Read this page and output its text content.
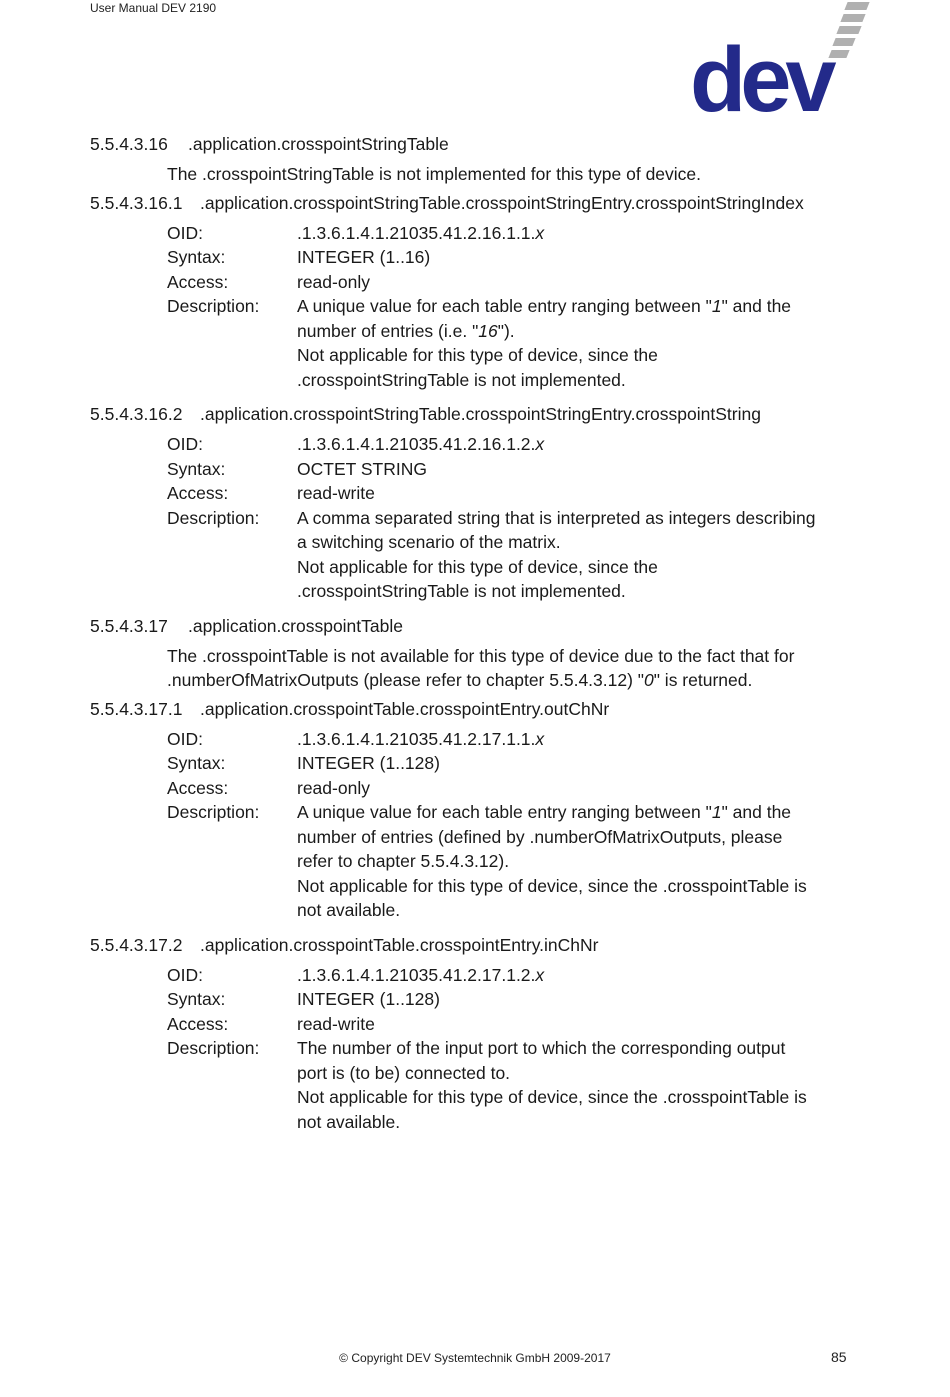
User Manual DEV 2190
dev
5.5.4.3.16	.application.crosspointStringTable
The .crosspointStringTable is not implemented for this type of device.
5.5.4.3.16.1	.application.crosspointStringTable.crosspointStringEntry.crosspointStringIndex
OID:	.1.3.6.1.4.1.21035.41.2.16.1.1.x
Syntax:	INTEGER (1..16)
Access:	read-only
Description:	A unique value for each table entry ranging between "1" and the
number of entries (i.e. "16").
Not applicable for this type of device, since the
.crosspointStringTable is not implemented.
5.5.4.3.16.2	.application.crosspointStringTable.crosspointStringEntry.crosspointString
OID:	.1.3.6.1.4.1.21035.41.2.16.1.2.x
Syntax:	OCTET STRING
Access:	read-write
Description:	A comma separated string that is interpreted as integers describing
a switching scenario of the matrix.
Not applicable for this type of device, since the
.crosspointStringTable is not implemented.
5.5.4.3.17	.application.crosspointTable
The .crosspointTable is not available for this type of device due to the fact that for
.numberOfMatrixOutputs (please refer to chapter 5.5.4.3.12) "0" is returned.
5.5.4.3.17.1	.application.crosspointTable.crosspointEntry.outChNr
OID:	.1.3.6.1.4.1.21035.41.2.17.1.1.x
Syntax:	INTEGER (1..128)
Access:	read-only
Description:	A unique value for each table entry ranging between "1" and the
number of entries (defined by .numberOfMatrixOutputs, please
refer to chapter 5.5.4.3.12).
Not applicable for this type of device, since the .crosspointTable is
not available.
5.5.4.3.17.2	.application.crosspointTable.crosspointEntry.inChNr
OID:	.1.3.6.1.4.1.21035.41.2.17.1.2.x
Syntax:	INTEGER (1..128)
Access:	read-write
Description:	The number of the input port to which the corresponding output
port is (to be) connected to.
Not applicable for this type of device, since the .crosspointTable is
not available.
© Copyright DEV Systemtechnik GmbH 2009-2017	85
